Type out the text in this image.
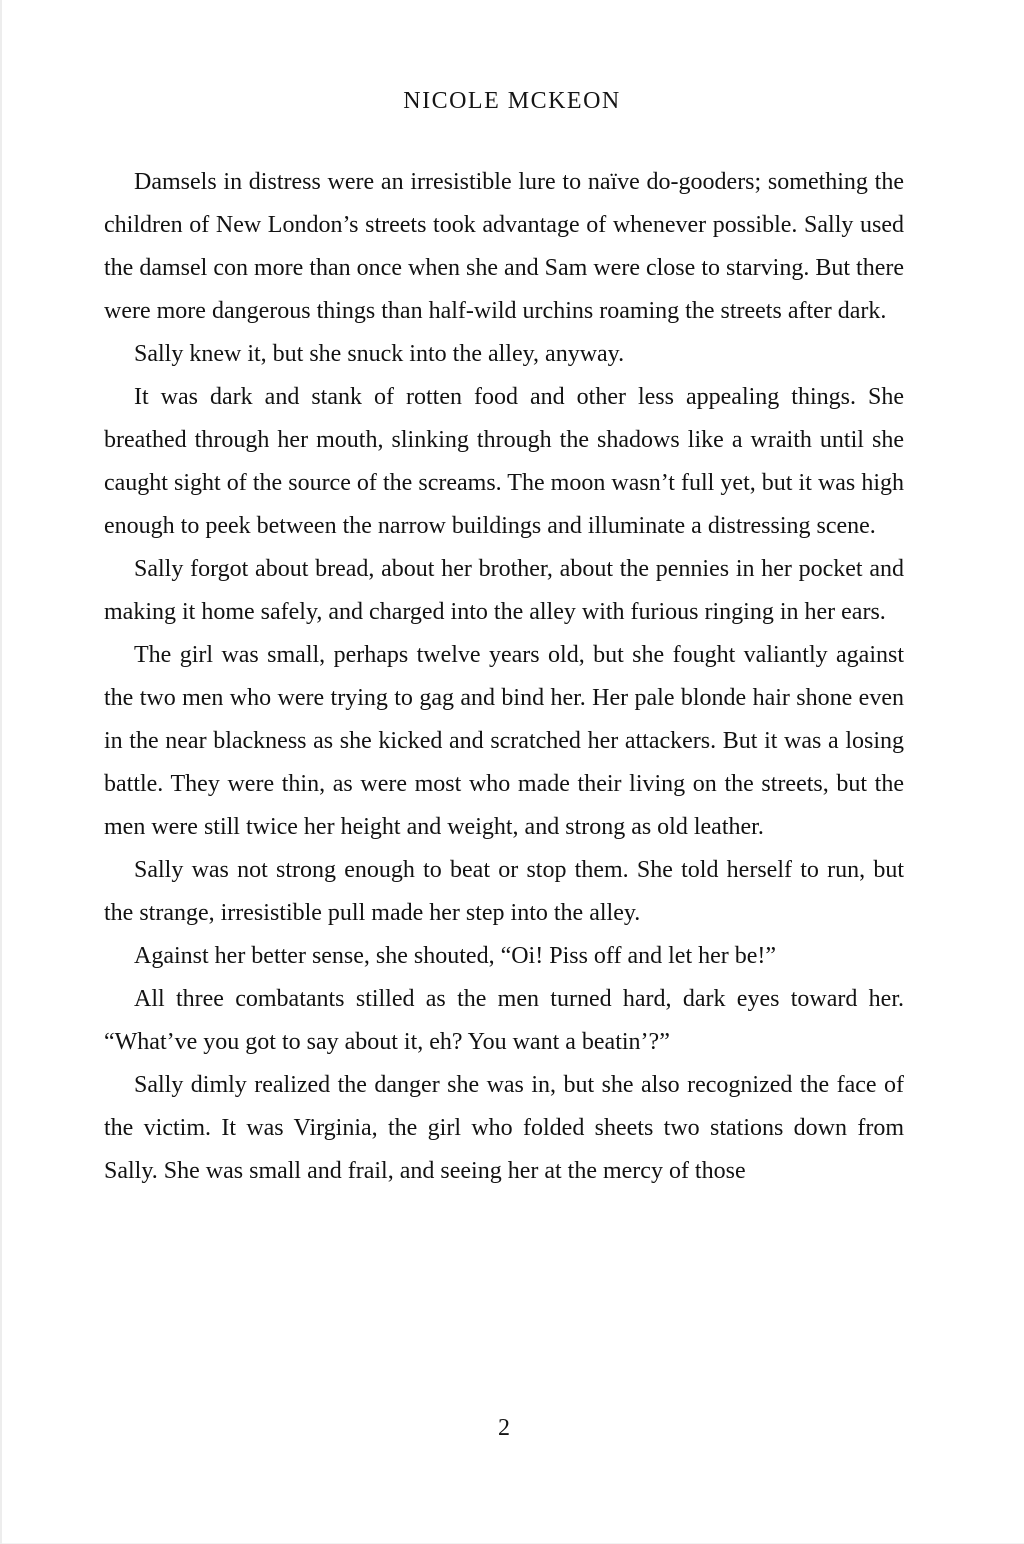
NICOLE MCKEON

Damsels in distress were an irresistible lure to naïve do-gooders; something the children of New London’s streets took advantage of whenever possible. Sally used the damsel con more than once when she and Sam were close to starving. But there were more dangerous things than half-wild urchins roaming the streets after dark.

Sally knew it, but she snuck into the alley, anyway.

It was dark and stank of rotten food and other less appealing things. She breathed through her mouth, slinking through the shadows like a wraith until she caught sight of the source of the screams. The moon wasn’t full yet, but it was high enough to peek between the narrow buildings and illuminate a distressing scene.

Sally forgot about bread, about her brother, about the pennies in her pocket and making it home safely, and charged into the alley with furious ringing in her ears.

The girl was small, perhaps twelve years old, but she fought valiantly against the two men who were trying to gag and bind her. Her pale blonde hair shone even in the near blackness as she kicked and scratched her attackers. But it was a losing battle. They were thin, as were most who made their living on the streets, but the men were still twice her height and weight, and strong as old leather.

Sally was not strong enough to beat or stop them. She told herself to run, but the strange, irresistible pull made her step into the alley.

Against her better sense, she shouted, “Oi! Piss off and let her be!”

All three combatants stilled as the men turned hard, dark eyes toward her. “What’ve you got to say about it, eh? You want a beatin’?”

Sally dimly realized the danger she was in, but she also recognized the face of the victim. It was Virginia, the girl who folded sheets two stations down from Sally. She was small and frail, and seeing her at the mercy of those

2
